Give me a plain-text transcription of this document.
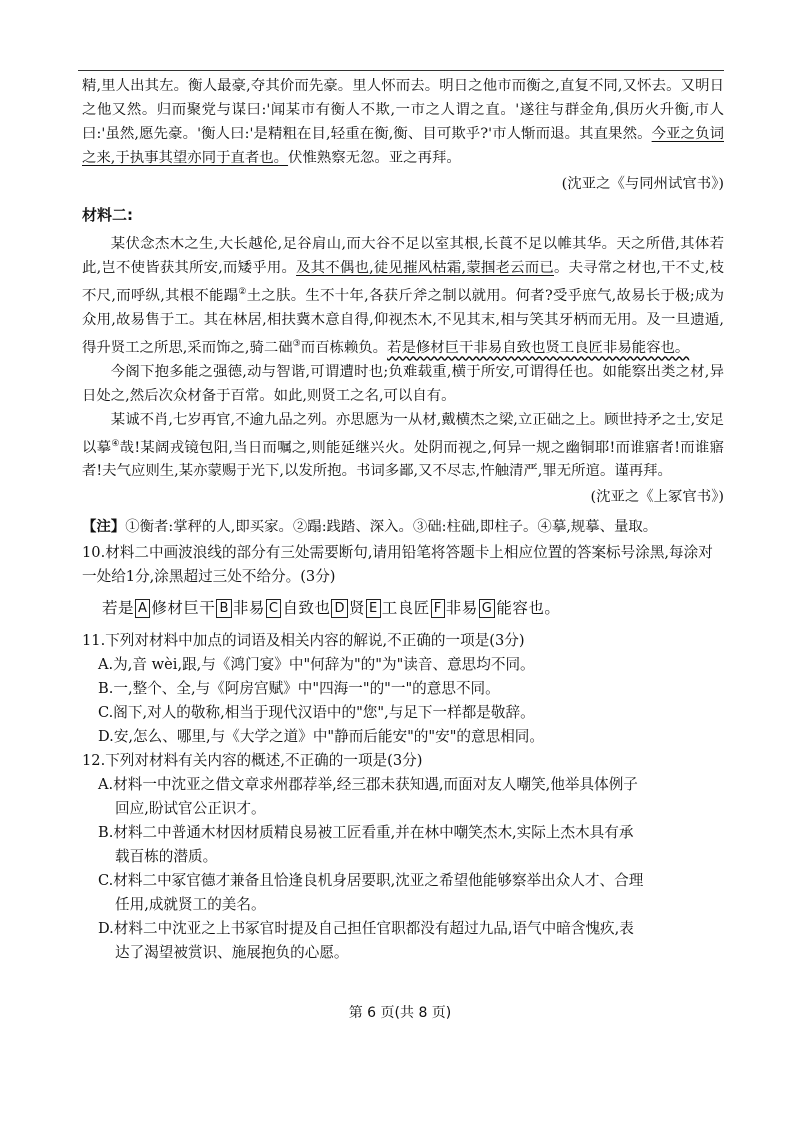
精,里人出其左。衡人最豪,夺其价而先豪。里人怀而去。明日之他市而衡之,直复不同,又怀去。又明日之他又然。归而聚党与谋曰:'闻某市有衡人不欺,一市之人谓之直。'遂往与群金角,俱历火升衡,市人曰:'虽然,愿先豪。'衡人曰:'是精粗在目,轻重在衡,衡、目可欺乎?'市人惭而退。其直果然。今亚之负词之来,于执事其望亦同于直者也。伏惟熟察无忽。亚之再拜。

(沈亚之《与同州试官书》)

材料二:

某伏念杰木之生,大长越伦,足谷肩山,而大谷不足以室其根,长莨不足以帷其华。天之所借,其体若此,岂不使皆获其所安,而矮乎用。及其不偶也,徒见摧风枯霜,蒙掴老云而已。夫寻常之材也,干不丈,枝不尺,而呼纵,其根不能蹋②土之肤。生不十年,各获斤斧之制以就用。何者?受乎庶气,故易长于极;成为众用,故易售于工。其在林居,相扶冀木意自得,仰视杰木,不见其末,相与笑其牙柄而无用。及一旦遗遁,得升贤工之所思,采而饰之,骑二础③而百栋赖负。若是修材巨干非易自致也贤工良匠非易能容也。

今阁下抱多能之强德,动与智谐,可谓遭时也;负难载重,横于所安,可谓得任也。如能察出类之材,异日处之,然后次众材备于百常。如此,则贤工之名,可以自有。

某诚不肖,七岁再官,不逾九品之列。亦思愿为一从材,戴横杰之梁,立正础之上。顾世持矛之士,安足以摹④哉!某阔戎镜包阳,当日而嘱之,则能延继兴火。处阴而视之,何异一规之幽铜耶!而谁寤者!而谁寤者!夫气应则生,某亦蒙赐于光下,以发所抱。书词多鄙,又不尽志,忤触清严,罪无所逭。谨再拜。

(沈亚之《上冢官书》)

【注】①衡者:掌秤的人,即买家。②蹋:践踏、深入。③础:柱础,即柱子。④摹,规摹、量取。

10.材料二中画波浪线的部分有三处需要断句,请用铅笔将答题卡上相应位置的答案标号涂黑,每涂对一处给1分,涂黑超过三处不给分。(3分)

若是 A 修材巨干 B 非易 C 自致也 D 贤 E 工良匠 F 非易 G 能容也。

11.下列对材料中加点的词语及相关内容的解说,不正确的一项是(3分)

A.为,音 wèi,跟,与《鸿门宴》中"何辞为"的"为"读音、意思均不同。

B.一,整个、全,与《阿房宫赋》中"四海一"的"一"的意思不同。

C.阁下,对人的敬称,相当于现代汉语中的"您",与足下一样都是敬辞。

D.安,怎么、哪里,与《大学之道》中"静而后能安"的"安"的意思相同。

12.下列对材料有关内容的概述,不正确的一项是(3分)

A.材料一中沈亚之借文章求州郡荐举,经三郡未获知遇,而面对友人嘲笑,他举具体例子

回应,盼试官公正识才。

B.材料二中普通木材因材质精良易被工匠看重,并在林中嘲笑杰木,实际上杰木具有承

载百栋的潜质。

C.材料二中冢官德才兼备且恰逢良机身居要职,沈亚之希望他能够察举出众人才、合理

任用,成就贤工的美名。

D.材料二中沈亚之上书冢官时提及自己担任官职都没有超过九品,语气中暗含愧疚,表

达了渴望被赏识、施展抱负的心愿。
第 6 页(共 8 页)
